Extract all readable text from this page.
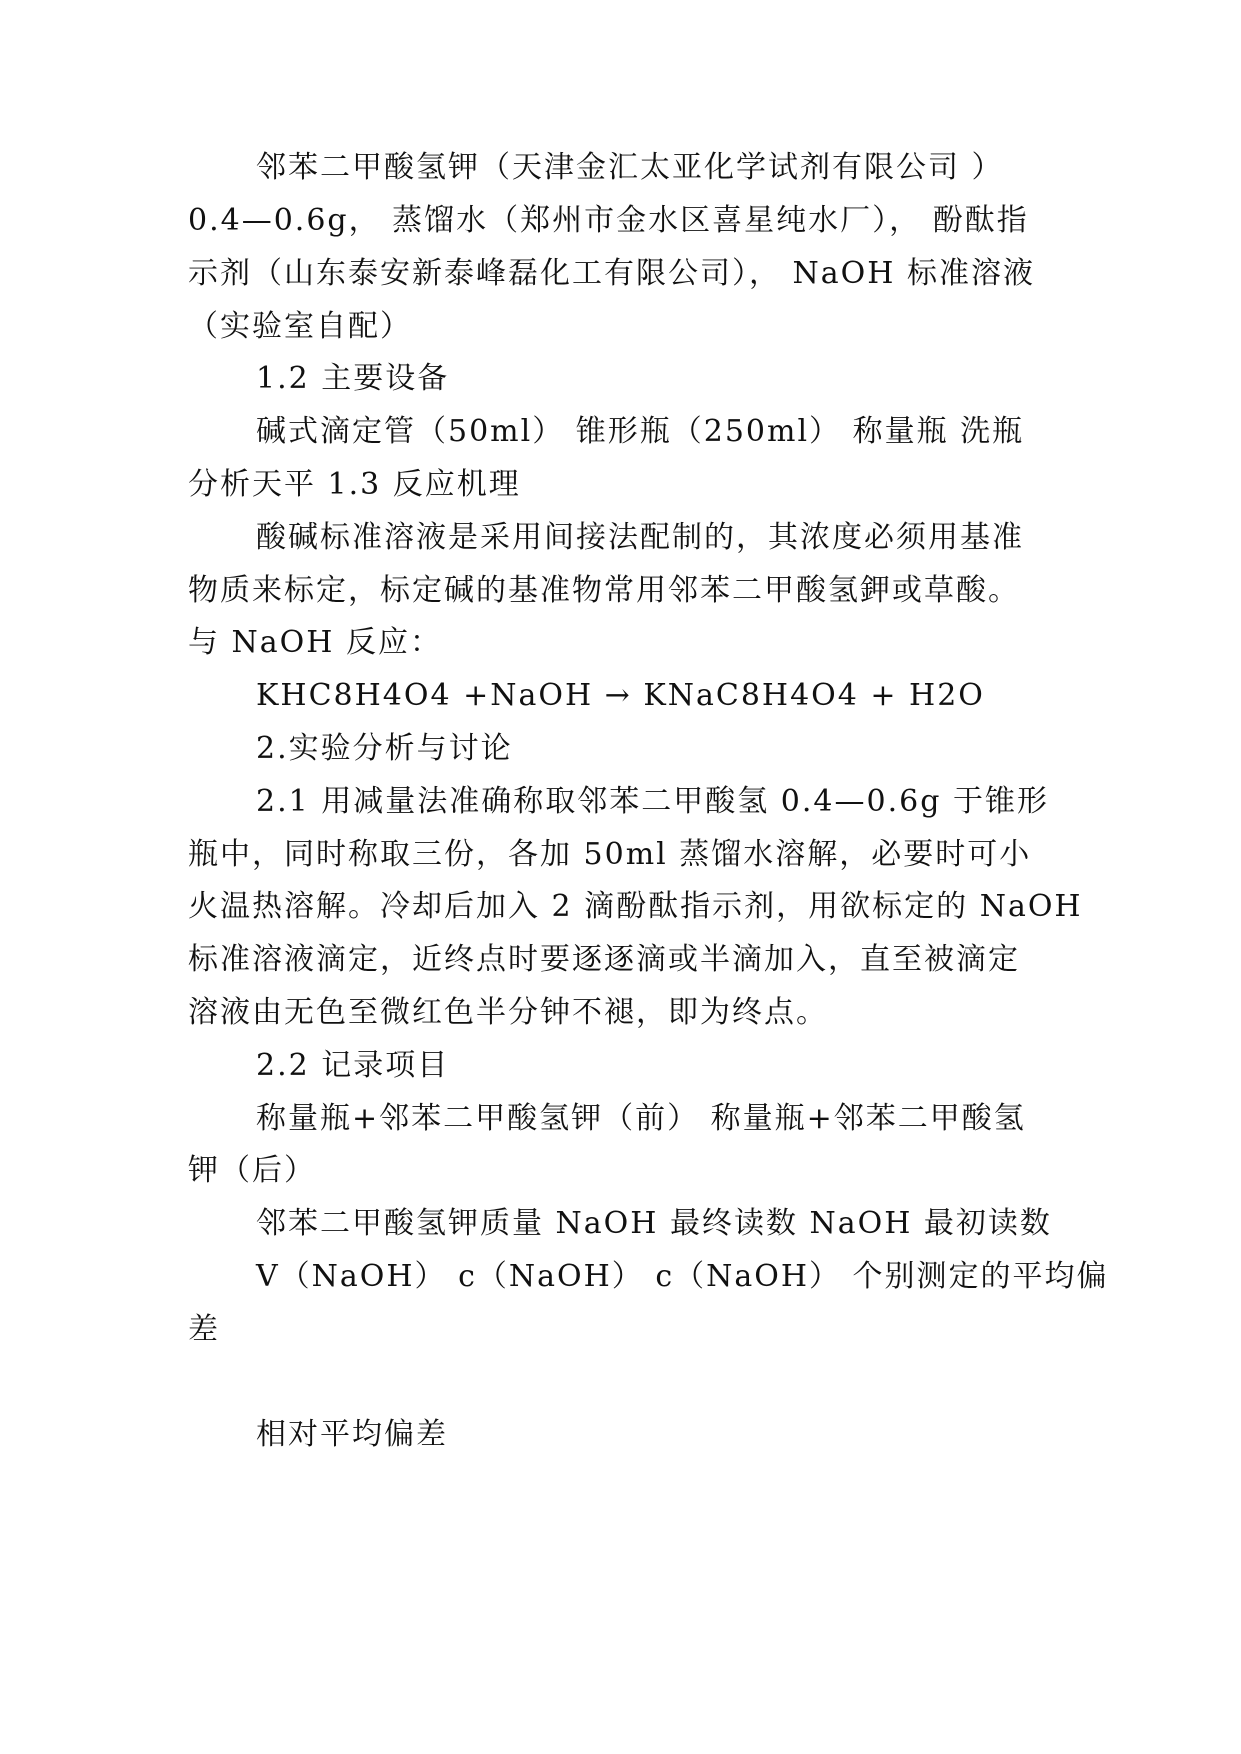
邻苯二甲酸氢钾（天津金汇太亚化学试剂有限公司 ）
0.4—0.6g， 蒸馏水（郑州市金水区喜星纯水厂）， 酚酞指
示剂（山东泰安新泰峰磊化工有限公司）， NaOH 标准溶液
（实验室自配）
1.2 主要设备
碱式滴定管（50ml） 锥形瓶（250ml） 称量瓶 洗瓶
分析天平 1.3 反应机理
酸碱标准溶液是采用间接法配制的，其浓度必须用基准
物质来标定，标定碱的基准物常用邻苯二甲酸氢鉀或草酸。
与 NaOH 反应：
KHC8H4O4 +NaOH → KNaC8H4O4 + H2O
2.实验分析与讨论
2.1 用减量法准确称取邻苯二甲酸氢 0.4—0.6g 于锥形
瓶中，同时称取三份，各加 50ml 蒸馏水溶解，必要时可小
火温热溶解。冷却后加入 2 滴酚酞指示剂，用欲标定的 NaOH
标准溶液滴定，近终点时要逐逐滴或半滴加入，直至被滴定
溶液由无色至微红色半分钟不褪，即为终点。
2.2 记录项目
称量瓶+邻苯二甲酸氢钾（前） 称量瓶+邻苯二甲酸氢
钾（后）
邻苯二甲酸氢钾质量 NaOH 最终读数 NaOH 最初读数
V（NaOH） c（NaOH） c（NaOH） 个别测定的平均偏
差
相对平均偏差
